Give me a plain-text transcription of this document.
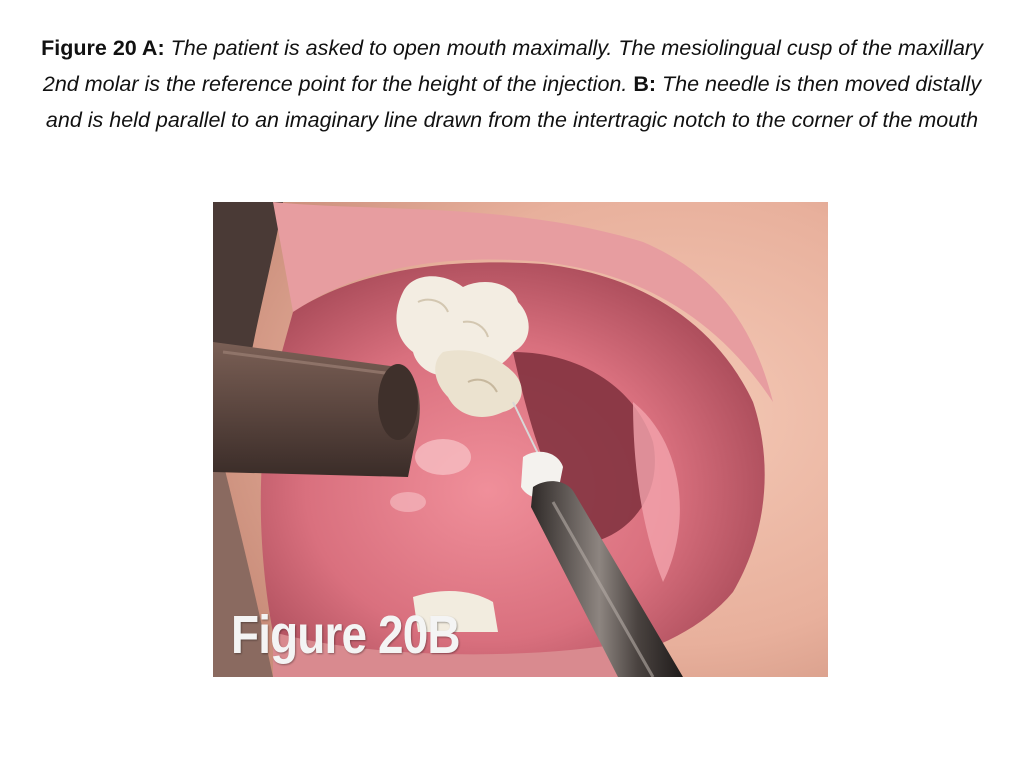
Figure 20 A: The patient is asked to open mouth maximally. The mesiolingual cusp of the maxillary 2nd molar is the reference point for the height of the injection. B: The needle is then moved distally and is held parallel to an imaginary line drawn from the intertragic notch to the corner of the mouth
Figure 20B
